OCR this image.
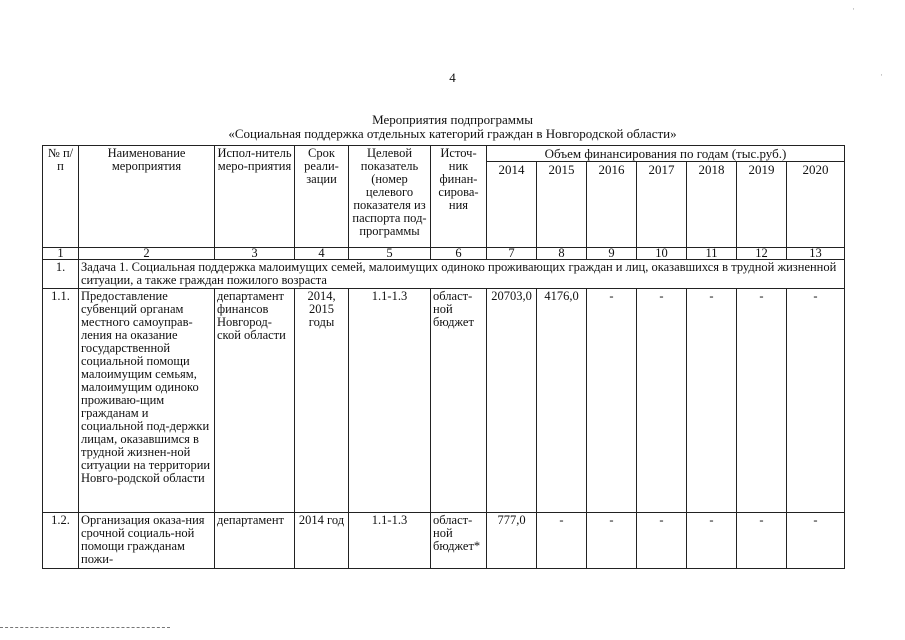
4
Мероприятия подпрограммы
«Социальная поддержка отдельных категорий граждан в Новгородской области»
№ п/п	Наименование мероприятия	Испол-нитель меро-приятия	Срок реали-зации	Целевой показатель (номер целевого показателя из паспорта под-программы	Источ-ник финан-сирова-ния	Объем финансирования по годам (тыс.руб.)						
						2014	2015	2016	2017	2018	2019	2020
1	2	3	4	5	6	7	8	9	10	11	12	13
1.	Задача 1. Социальная поддержка малоимущих семей, малоимущих одиноко проживающих граждан и лиц, оказавшихся в трудной жизненной ситуации, а также граждан пожилого возраста											
1.1.	Предоставление субвенций органам местного самоуправ-ления на оказание государственной социальной помощи малоимущим семьям, малоимущим одиноко проживаю-щим гражданам и социальной под-держки лицам, оказавшимся в трудной жизнен-ной ситуации на территории Новго-родской области	департамент финансов Новгород-ской области	2014, 2015 годы	1.1-1.3	област-ной бюджет	20703,0	4176,0	-	-	-	-	-
1.2.	Организация оказа-ния срочной социаль-ной помощи гражданам пожи-	департамент	2014 год	1.1-1.3	област-ной бюджет*	777,0	-	-	-	-	-	-
·
·
